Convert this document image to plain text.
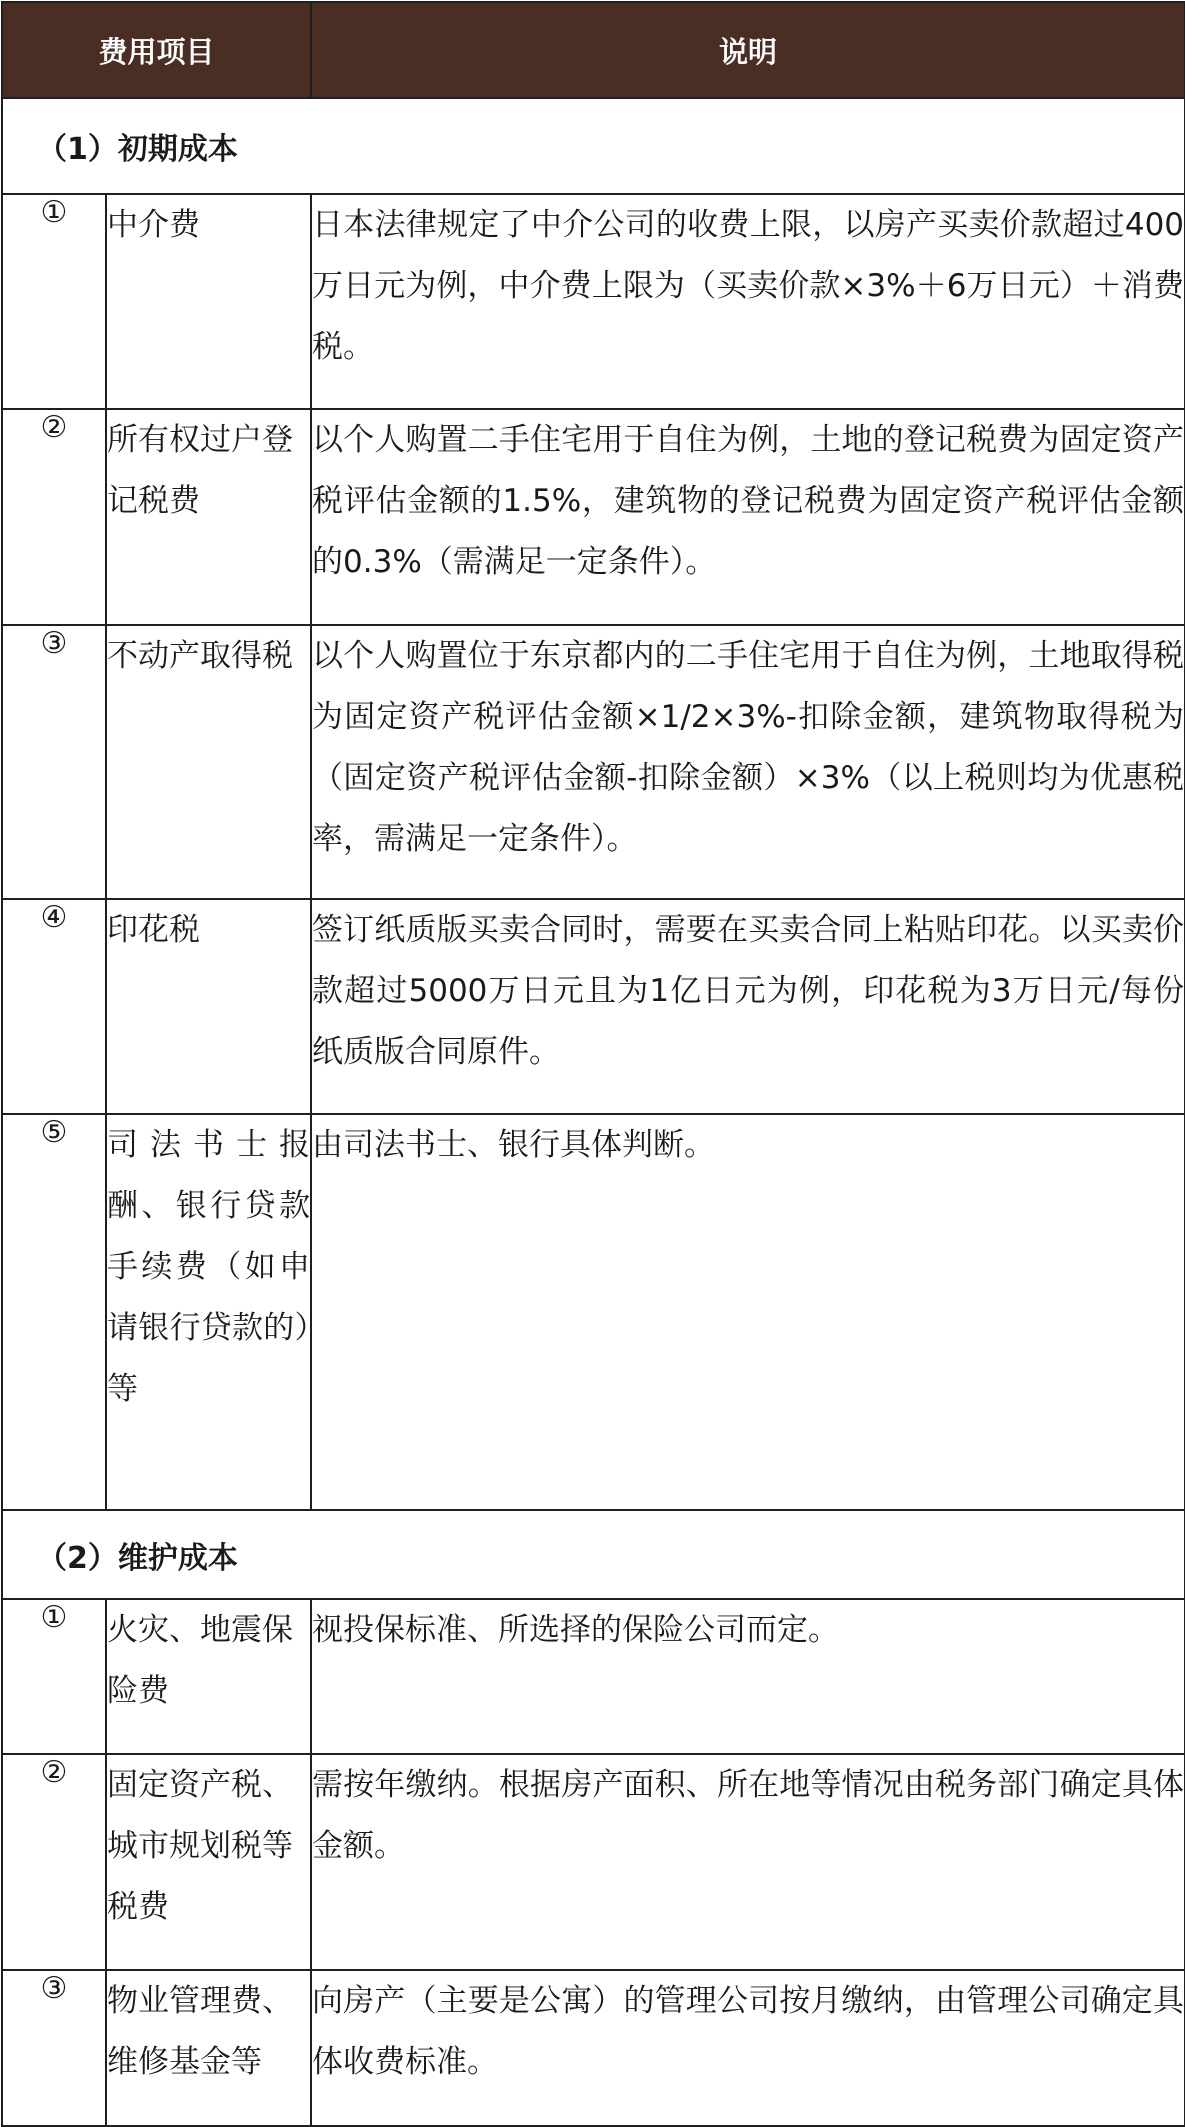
费用项目		说明
（1）初期成本		
①	中介费	日本法律规定了中介公司的收费上限，以房产买卖价款超过400万日元为例，中介费上限为（买卖价款×3%＋6万日元）＋消费税。
②	所有权过户登记税费	以个人购置二手住宅用于自住为例，土地的登记税费为固定资产税评估金额的1.5%，建筑物的登记税费为固定资产税评估金额的0.3%（需满足一定条件）。
③	不动产取得税	以个人购置位于东京都内的二手住宅用于自住为例，土地取得税为固定资产税评估金额×1/2×3%-扣除金额，建筑物取得税为（固定资产税评估金额-扣除金额）×3%（以上税则均为优惠税率，需满足一定条件）。
④	印花税	签订纸质版买卖合同时，需要在买卖合同上粘贴印花。以买卖价款超过5000万日元且为1亿日元为例，印花税为3万日元/每份纸质版合同原件。
⑤	司法书士报酬、银行贷款手续费（如申请银行贷款的）等	由司法书士、银行具体判断。
（2）维护成本		
①	火灾、地震保险费	视投保标准、所选择的保险公司而定。
②	固定资产税、城市规划税等税费	需按年缴纳。根据房产面积、所在地等情况由税务部门确定具体金额。
③	物业管理费、维修基金等	向房产（主要是公寓）的管理公司按月缴纳，由管理公司确定具体收费标准。
